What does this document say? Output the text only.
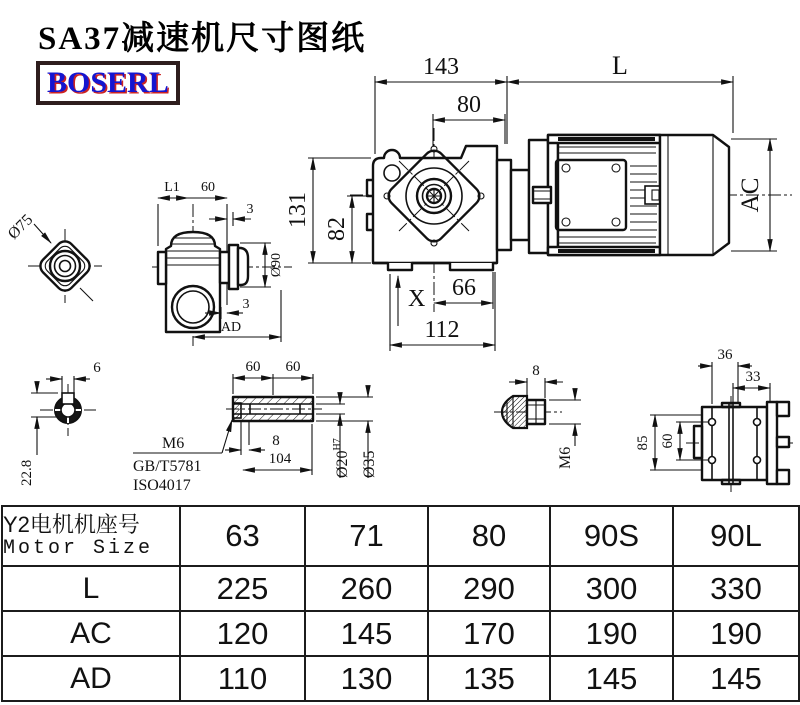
SA37减速机尺寸图纸
BOSERL	143	L
80
131
82
AC
X 66
112
Ø75
L1 60
3
Ø90
3
AD
6
22.8
60 60
8
104	$Ø20^{H7}$
Ø35
M6
GB/T5781
ISO4017
8
M6
36
33
85 60
Y2电机机座号
Motor Size	63	71	80	90S	90L
L	225	260	290	300	330
AC	120	145	170	190	190
AD	110	130	135	145	145
